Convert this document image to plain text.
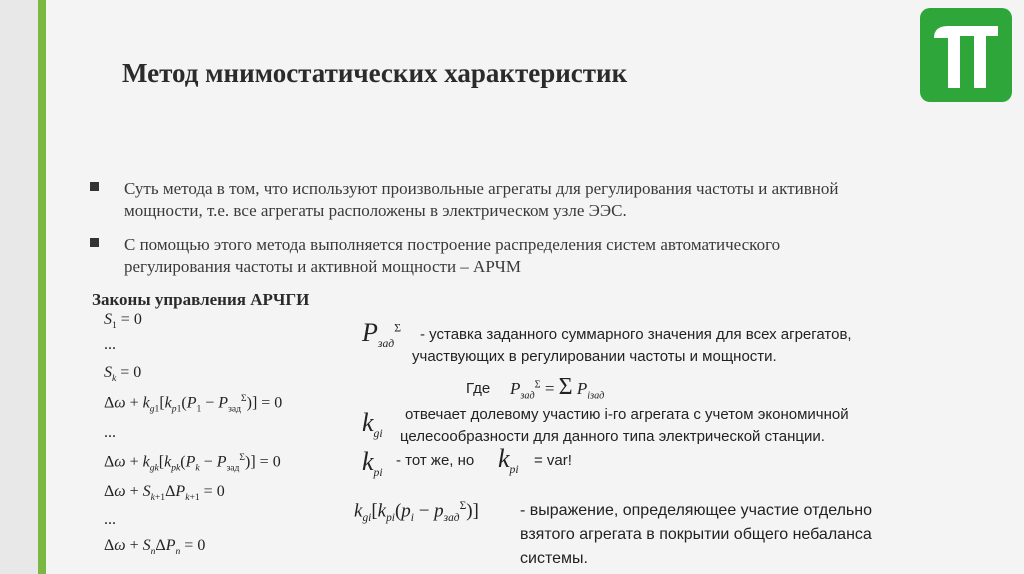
Метод мнимостатических характеристик
Суть метода в том, что используют произвольные агрегаты для регулирования частоты и активной
мощности, т.е. все агрегаты расположены в электрическом узле ЭЭС.
С помощью этого метода выполняется построение распределения систем автоматического
регулирования частоты и активной мощности – АРЧМ
Законы управления АРЧГИ
$S_1 = 0$
...
$S_k = 0$
$\Delta\omega + k_{g1}[k_{p1}(P_1 - P_{зад}^\Sigma)] = 0$
...
$\Delta\omega + k_{gk}[k_{pk}(P_k - P_{зад}^\Sigma)] = 0$
$\Delta\omega + S_{k+1}\Delta P_{k+1} = 0$
...
$\Delta\omega + S_n\Delta P_n = 0$
$P_{зад}^\Sigma$ - уставка заданного суммарного значения для всех агрегатов,
участвующих в регулировании частоты и мощности.
Где $P_{зад}^\Sigma = \Sigma$ $P_{iзад}$
$k_{gi}$
отвечает долевому участию i-го агрегата с учетом экономичной
целесообразности для данного типа электрической станции.
$k_{pi}$
- тот же, но $k_{pi}$
= var!
$k_{gi}[k_{pi}(p_i - p_{зад}^\Sigma)]$	- выражение, определяющее участие отдельно
взятого агрегата в покрытии общего небаланса
системы.
